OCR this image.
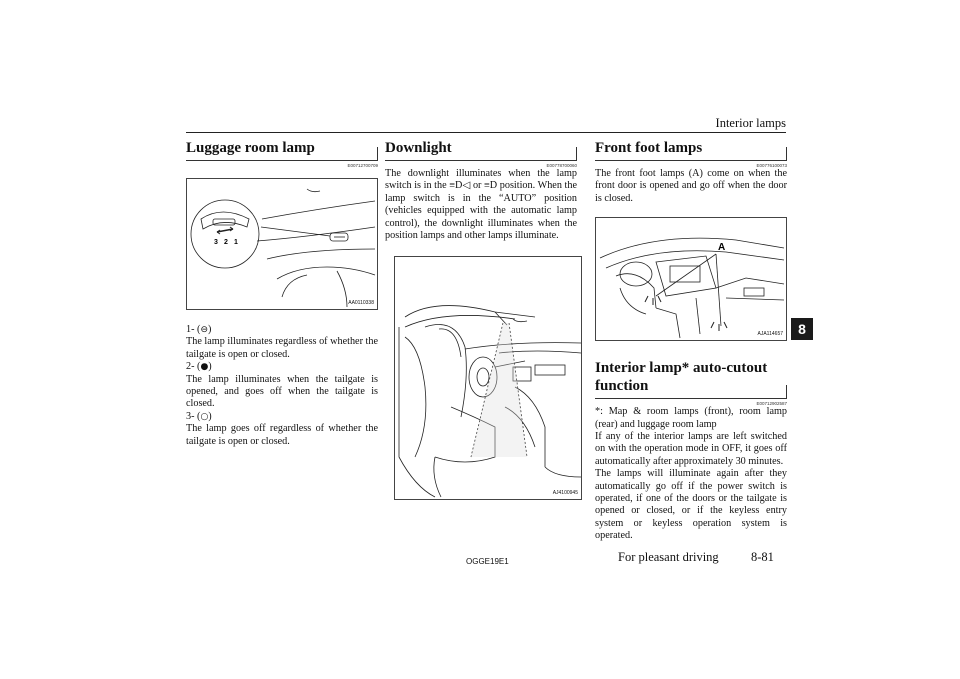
Interior lamps
8
Luggage room lamp
E00712700709
3 2 1
AA0110338
1- (⊖)

The lamp illuminates regardless of whether the tailgate is open or closed.

2- (●)

The lamp illuminates when the tailgate is opened, and goes off when the tailgate is closed.

3- (○)

The lamp goes off regardless of whether the tailgate is open or closed.

Downlight
E00778700060

The downlight illuminates when the lamp switch is in the ≡D◁ or ≡D position. When the lamp switch is in the “AUTO” position (vehicles equipped with the automatic lamp control), the downlight illuminates when the position lamps and other lamps illuminate.

AJ4100945
Front foot lamps
E00776100073

The front foot lamps (A) come on when the front door is opened and go off when the door is closed.

A
AJA114657
Interior lamp* auto-cutout function
E00712902587

*: Map & room lamps (front), room lamp (rear) and luggage room lamp

If any of the interior lamps are left switched on with the operation mode in OFF, it goes off automatically after approximately 30 minutes.

The lamps will illuminate again after they automatically go off if the power switch is operated, if one of the doors or the tailgate is opened or closed, or if the keyless entry system or keyless operation system is operated.

OGGE19E1	For pleasant driving	8-81
